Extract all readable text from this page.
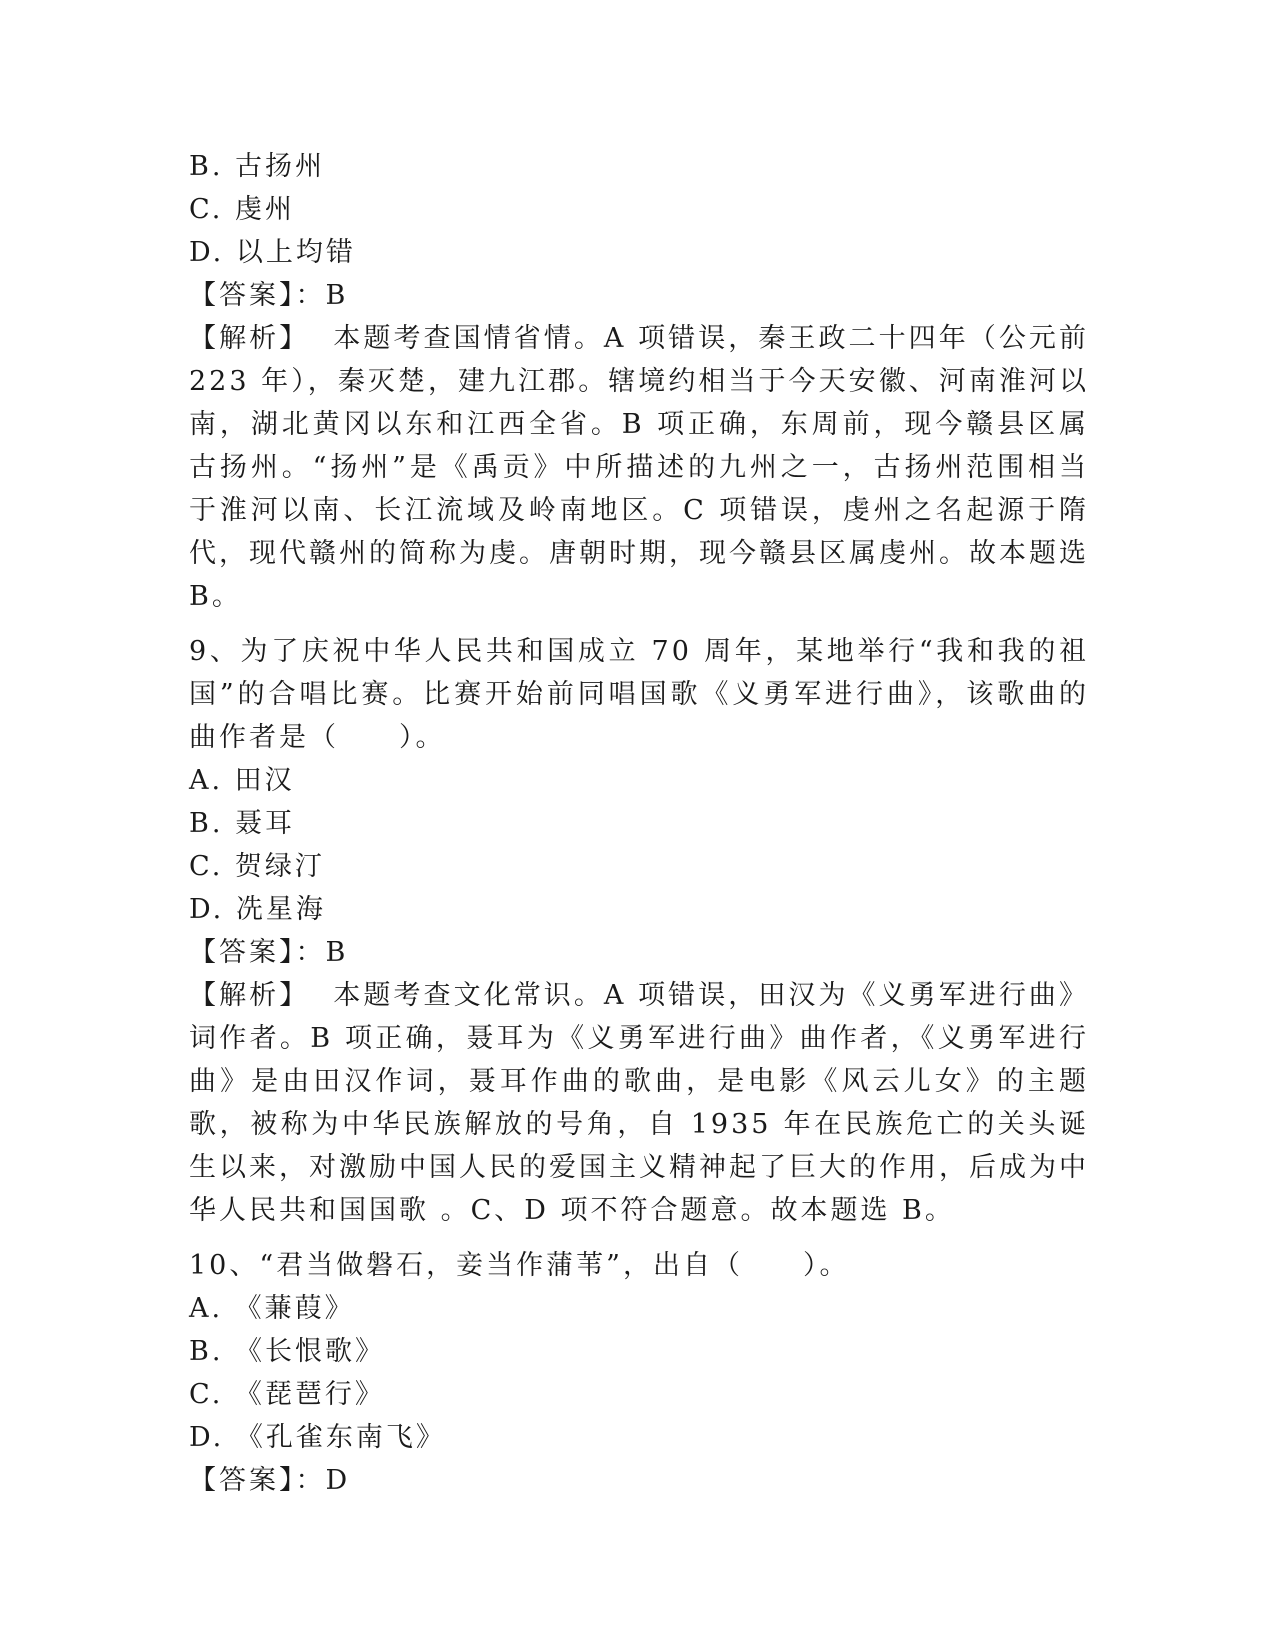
B. 古扬州
C. 虔州
D. 以上均错
【答案】：B
【解析】 本题考查国情省情。A 项错误，秦王政二十四年（公元前 223 年），秦灭楚，建九江郡。辖境约相当于今天安徽、河南淮河以南，湖北黄冈以东和江西全省。B 项正确，东周前，现今赣县区属古扬州。“扬州”是《禹贡》中所描述的九州之一，古扬州范围相当于淮河以南、长江流域及岭南地区。C 项错误，虔州之名起源于隋代，现代赣州的简称为虔。唐朝时期，现今赣县区属虔州。故本题选 B。
9、为了庆祝中华人民共和国成立 70 周年，某地举行“我和我的祖国”的合唱比赛。比赛开始前同唱国歌《义勇军进行曲》，该歌曲的曲作者是（　　）。
A. 田汉
B. 聂耳
C. 贺绿汀
D. 冼星海
【答案】：B
【解析】 本题考查文化常识。A 项错误，田汉为《义勇军进行曲》词作者。B 项正确，聂耳为《义勇军进行曲》曲作者，《义勇军进行曲》是由田汉作词，聂耳作曲的歌曲，是电影《风云儿女》的主题歌，被称为中华民族解放的号角，自 1935 年在民族危亡的关头诞生以来，对激励中国人民的爱国主义精神起了巨大的作用，后成为中华人民共和国国歌 。C、D 项不符合题意。故本题选 B。
10、“君当做磐石，妾当作蒲苇”，出自（　　）。
A. 《蒹葭》
B. 《长恨歌》
C. 《琵琶行》
D. 《孔雀东南飞》
【答案】：D
